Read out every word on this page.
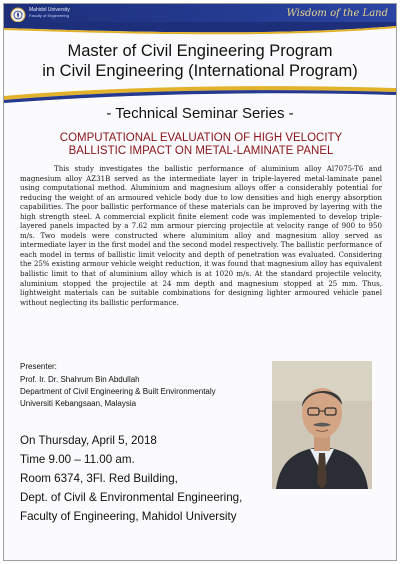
Mahidol University
Faculty of Engineering	Wisdom of the Land
Master of Civil Engineering Program
in Civil Engineering (International Program)
- Technical Seminar Series -
COMPUTATIONAL EVALUATION OF HIGH VELOCITY
BALLISTIC IMPACT ON METAL-LAMINATE PANEL

This study investigates the ballistic performance of aluminium alloy Al7075-T6 and magnesium alloy AZ31B served as the intermediate layer in triple-layered metal-laminate panel using computational method. Aluminium and magnesium alloys offer a considerably potential for reducing the weight of an armoured vehicle body due to low densities and high energy absorption capabilities. The poor ballistic performance of these materials can be improved by layering with the high strength steel. A commercial explicit finite element code was implemented to develop triple-layered panels impacted by a 7.62 mm armour piercing projectile at velocity range of 900 to 950 m/s. Two models were constructed where aluminium alloy and magnesium alloy served as intermediate layer in the first model and the second model respectively. The ballistic performance of each model in terms of ballistic limit velocity and depth of penetration was evaluated. Considering the 25% existing armour vehicle weight reduction, it was found that magnesium alloy has equivalent ballistic limit to that of aluminium alloy which is at 1020 m/s. At the standard projectile velocity, aluminium stopped the projectile at 24 mm depth and magnesium stopped at 25 mm. Thus, lightweight materials can be suitable combinations for designing lighter armoured vehicle panel without neglecting its ballistic performance.

Presenter:
Prof. Ir. Dr. Shahrum Bin Abdullah
Department of Civil Engineering & Built Environmentaly
Universiti Kebangsaan, Malaysia
On Thursday, April 5, 2018
Time 9.00 – 11.00 am.
Room 6374, 3Fl. Red Building,
Dept. of Civil & Environmental Engineering,
Faculty of Engineering, Mahidol University
